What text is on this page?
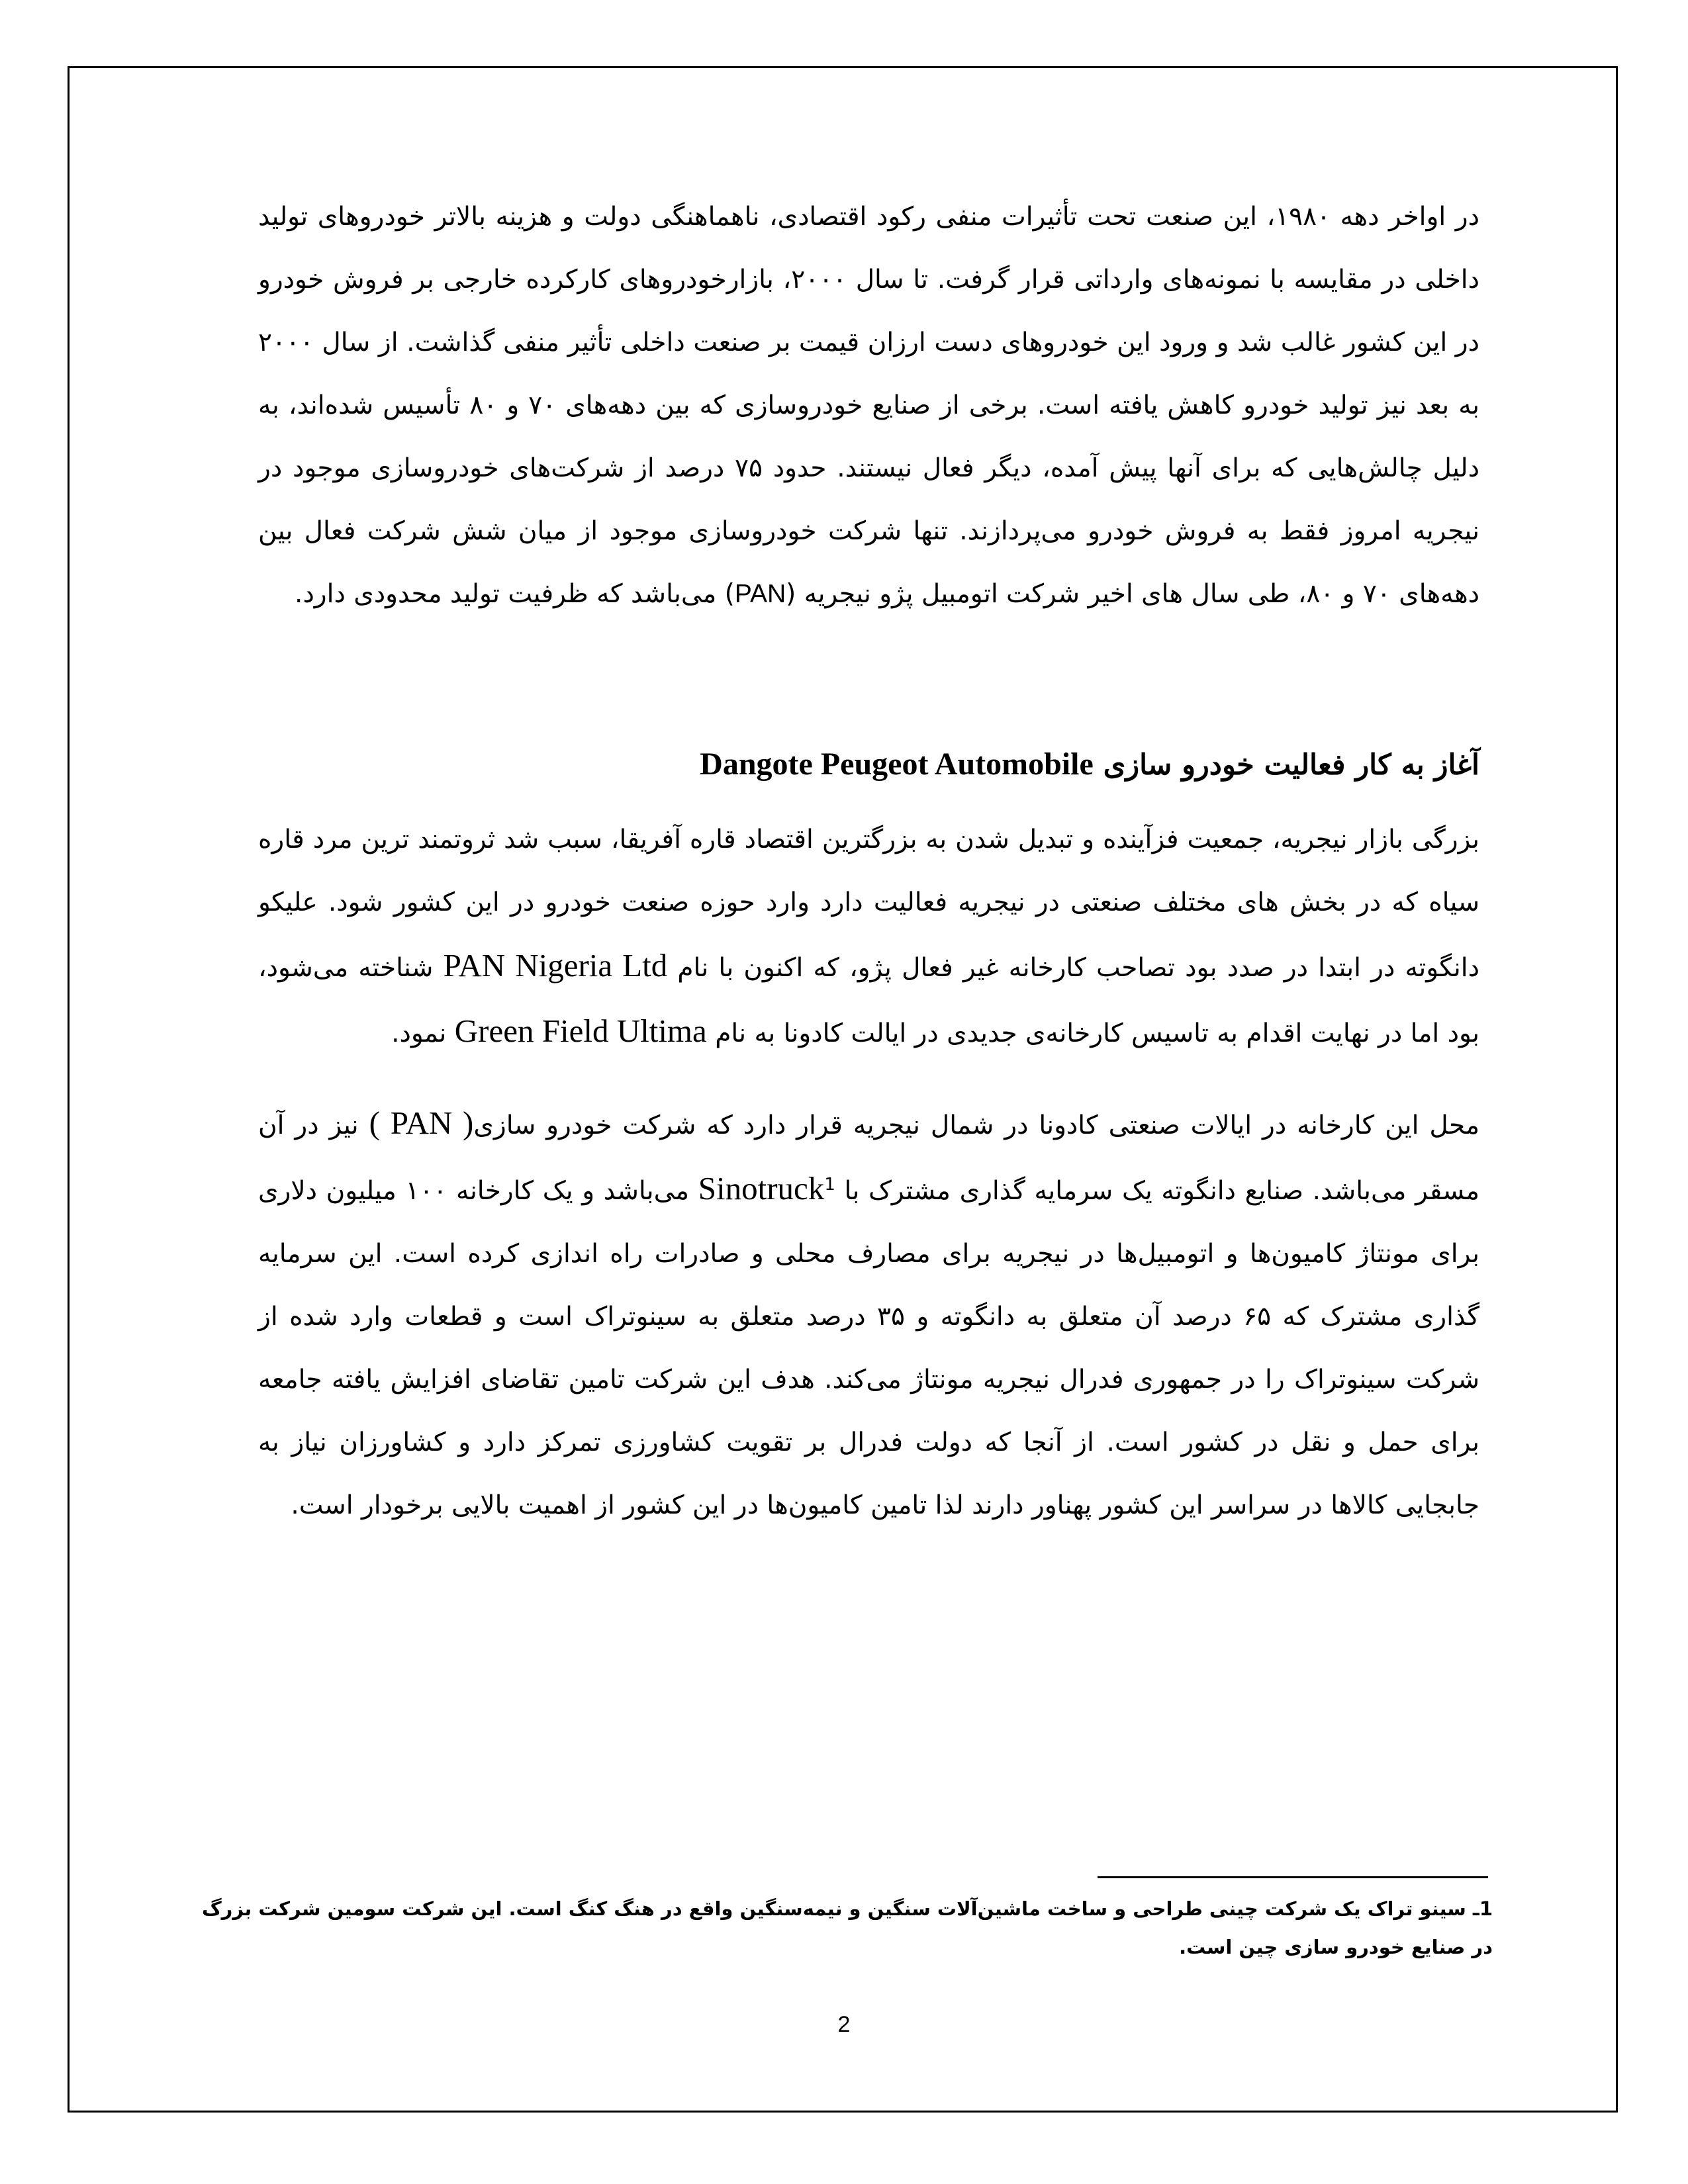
در اواخر دهه ۱۹۸۰، این صنعت تحت تأثیرات منفی رکود اقتصادی، ناهماهنگی دولت و هزینه بالاتر خودروهای تولید داخلی در مقایسه با نمونه‌های وارداتی قرار گرفت. تا سال ۲۰۰۰، بازارخودروهای کارکرده خارجی بر فروش خودرو در این کشور غالب شد و ورود این خودروهای دست ارزان قیمت بر صنعت داخلی تأثیر منفی گذاشت. از سال ۲۰۰۰ به بعد نیز تولید خودرو کاهش یافته است. برخی از صنایع خودروسازی که بین دهه‌های ۷۰ و ۸۰ تأسیس شده‌اند، به دلیل چالش‌هایی که برای آنها پیش آمده، دیگر فعال نیستند. حدود ۷۵ درصد از شرکت‌های خودروسازی موجود در نیجریه امروز فقط به فروش خودرو می‌پردازند. تنها شرکت خودروسازی موجود از میان شش شرکت فعال بین دهه‌های ۷۰ و ۸۰، طی سال های اخیر شرکت اتومبیل پژو نیجریه (PAN) می‌باشد که ظرفیت تولید محدودی دارد.

آغاز به کار فعالیت خودرو سازی Dangote Peugeot Automobile

بزرگی بازار نیجریه، جمعیت فزآینده و تبدیل شدن به بزرگترین اقتصاد قاره آفریقا، سبب شد ثروتمند ترین مرد قاره سیاه که در بخش های مختلف صنعتی در نیجریه فعالیت دارد وارد حوزه صنعت خودرو در این کشور شود. علیکو دانگوته در ابتدا در صدد بود تصاحب کارخانه غیر فعال پژو، که اکنون با نام PAN Nigeria Ltd شناخته می‌شود، بود اما در نهایت اقدام به تاسیس کارخانه‌ی جدیدی در ایالت کادونا به نام Green Field Ultima نمود.

محل این کارخانه در ایالات صنعتی کادونا در شمال نیجریه قرار دارد که شرکت خودرو سازی( PAN ) نیز در آن مسقر می‌باشد. صنایع دانگوته یک سرمایه گذاری مشترک با Sinotruck$^1$ می‌باشد و یک کارخانه ۱۰۰ میلیون دلاری برای مونتاژ کامیون‌ها و اتومبیل‌ها در نیجریه برای مصارف محلی و صادرات راه اندازی کرده است. این سرمایه گذاری مشترک که ۶۵ درصد آن متعلق به دانگوته و ۳۵ درصد متعلق به سینوتراک است و قطعات وارد شده از شرکت سینوتراک را در جمهوری فدرال نیجریه مونتاژ می‌کند. هدف این شرکت تامین تقاضای افزایش یافته جامعه برای حمل و نقل در کشور است. از آنجا که دولت فدرال بر تقویت کشاورزی تمرکز دارد و کشاورزان نیاز به جابجایی کالاها در سراسر این کشور پهناور دارند لذا تامین کامیون‌ها در این کشور از اهمیت بالایی برخودار است.

1ـ سینو تراک یک شرکت چینی طراحی و ساخت ماشین‌آلات سنگین و نیمه‌سنگین واقع در هنگ کنگ است. این شرکت سومین شرکت بزرگ در صنایع خودرو سازی چین است.

2
